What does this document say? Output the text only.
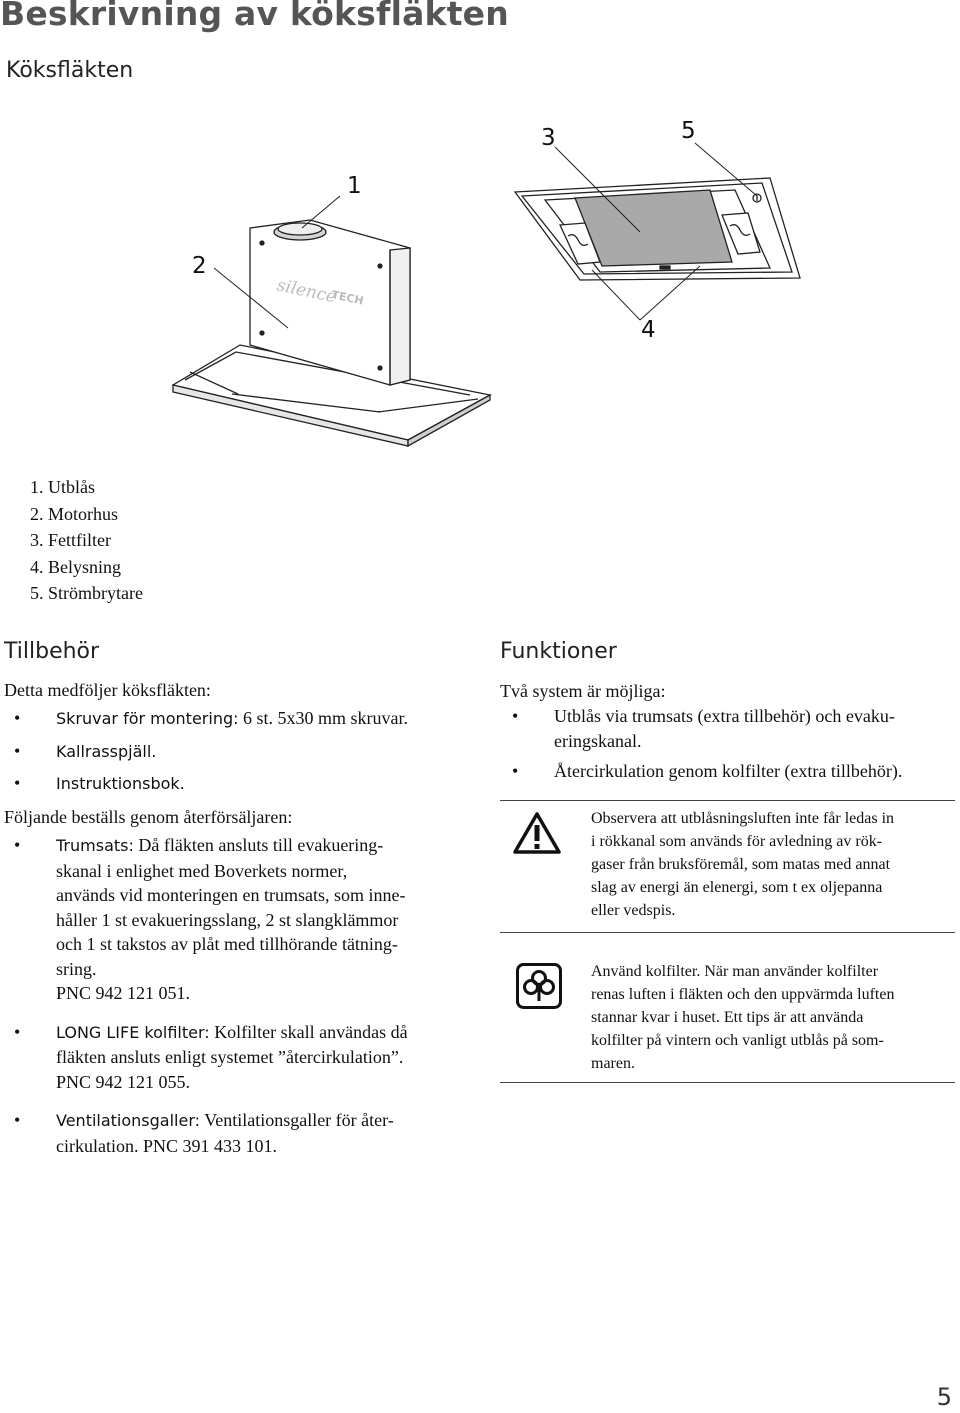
Beskrivning av köksfläkten
Köksfläkten
silence
TECH
1
2
3
4
5
1. Utblås
2. Motorhus
3. Fettfilter
4. Belysning
5. Strömbrytare
Tillbehör
Detta medföljer köksfläkten:
• Skruvar för montering: 6 st. 5x30 mm skruvar.
• Kallrasspjäll.
• Instruktionsbok.
Följande beställs genom återförsäljaren:
• Trumsats: Då fläkten ansluts till evakuering-
skanal i enlighet med Boverkets normer,
används vid monteringen en trumsats, som inne-
håller 1 st evakueringsslang, 2 st slangklämmor
och 1 st takstos av plåt med tillhörande tätning-
sring.
PNC 942 121 051.
• LONG LIFE kolfilter: Kolfilter skall användas då
fläkten ansluts enligt systemet ”återcirkulation”.
PNC 942 121 055.
• Ventilationsgaller: Ventilationsgaller för åter-
cirkulation. PNC 391 433 101.
Funktioner
Två system är möjliga:
• Utblås via trumsats (extra tillbehör) och evaku-
eringskanal.
• Återcirkulation genom kolfilter (extra tillbehör).
Observera att utblåsningsluften inte får ledas in
i rökkanal som används för avledning av rök-
gaser från bruksföremål, som matas med annat
slag av energi än elenergi, som t ex oljepanna
eller vedspis.
Använd kolfilter. När man använder kolfilter
renas luften i fläkten och den uppvärmda luften
stannar kvar i huset. Ett tips är att använda
kolfilter på vintern och vanligt utblås på som-
maren.
5
